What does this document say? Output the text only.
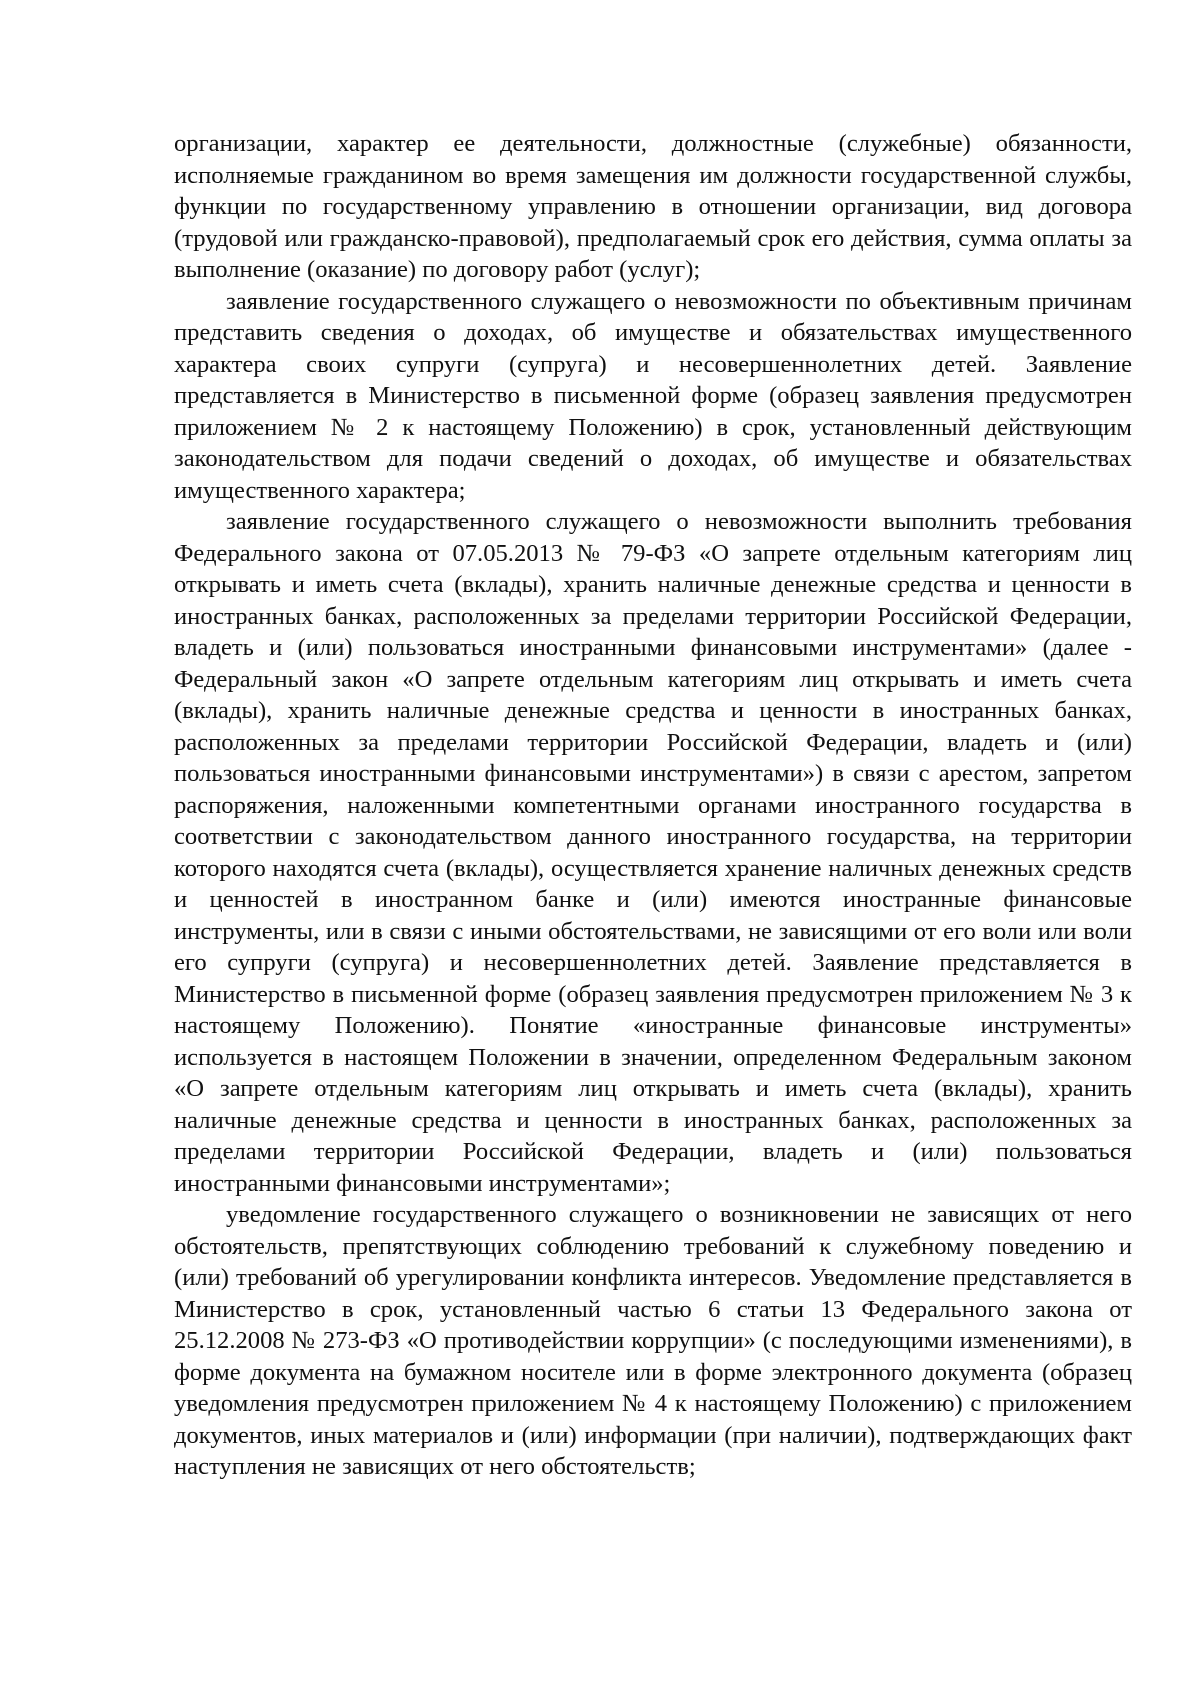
организации, характер ее деятельности, должностные (служебные) обязанности, исполняемые гражданином во время замещения им должности государственной службы, функции по государственному управлению в отношении организации, вид договора (трудовой или гражданско-правовой), предполагаемый срок его действия, сумма оплаты за выполнение (оказание) по договору работ (услуг);

заявление государственного служащего о невозможности по объективным причинам представить сведения о доходах, об имуществе и обязательствах имущественного характера своих супруги (супруга) и несовершеннолетних детей. Заявление представляется в Министерство в письменной форме (образец заявления предусмотрен приложением № 2 к настоящему Положению) в срок, установленный действующим законодательством для подачи сведений о доходах, об имуществе и обязательствах имущественного характера;

заявление государственного служащего о невозможности выполнить требования Федерального закона от 07.05.2013 № 79-ФЗ «О запрете отдельным категориям лиц открывать и иметь счета (вклады), хранить наличные денежные средства и ценности в иностранных банках, расположенных за пределами территории Российской Федерации, владеть и (или) пользоваться иностранными финансовыми инструментами» (далее - Федеральный закон «О запрете отдельным категориям лиц открывать и иметь счета (вклады), хранить наличные денежные средства и ценности в иностранных банках, расположенных за пределами территории Российской Федерации, владеть и (или) пользоваться иностранными финансовыми инструментами») в связи с арестом, запретом распоряжения, наложенными компетентными органами иностранного государства в соответствии с законодательством данного иностранного государства, на территории которого находятся счета (вклады), осуществляется хранение наличных денежных средств и ценностей в иностранном банке и (или) имеются иностранные финансовые инструменты, или в связи с иными обстоятельствами, не зависящими от его воли или воли его супруги (супруга) и несовершеннолетних детей. Заявление представляется в Министерство в письменной форме (образец заявления предусмотрен приложением № 3 к настоящему Положению). Понятие «иностранные финансовые инструменты» используется в настоящем Положении в значении, определенном Федеральным законом «О запрете отдельным категориям лиц открывать и иметь счета (вклады), хранить наличные денежные средства и ценности в иностранных банках, расположенных за пределами территории Российской Федерации, владеть и (или) пользоваться иностранными финансовыми инструментами»;

уведомление государственного служащего о возникновении не зависящих от него обстоятельств, препятствующих соблюдению требований к служебному поведению и (или) требований об урегулировании конфликта интересов. Уведомление представляется в Министерство в срок, установленный частью 6 статьи 13 Федерального закона от 25.12.2008 № 273-ФЗ «О противодействии коррупции» (с последующими изменениями), в форме документа на бумажном носителе или в форме электронного документа (образец уведомления предусмотрен приложением № 4 к настоящему Положению) с приложением документов, иных материалов и (или) информации (при наличии), подтверждающих факт наступления не зависящих от него обстоятельств;
